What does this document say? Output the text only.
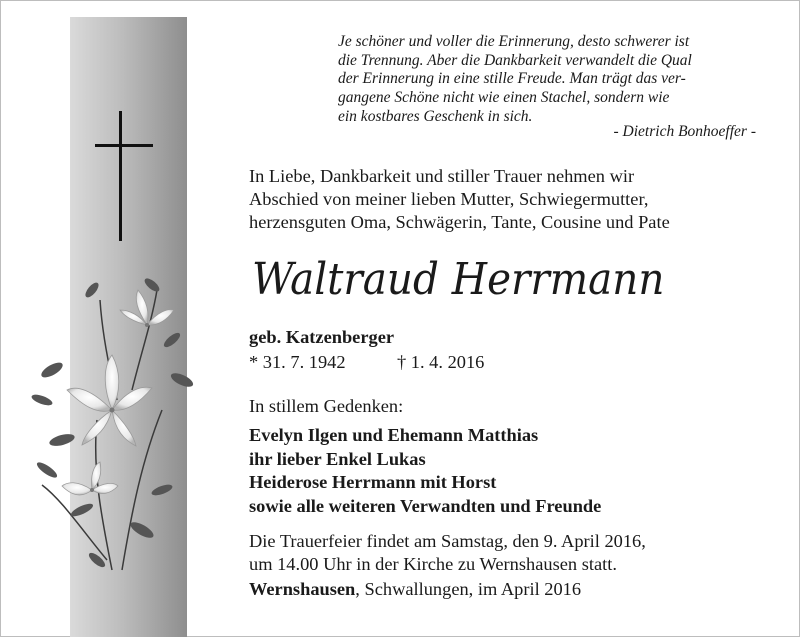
Je schöner und voller die Erinnerung, desto schwerer ist
die Trennung. Aber die Dankbarkeit verwandelt die Qual
der Erinnerung in eine stille Freude. Man trägt das ver-
gangene Schöne nicht wie einen Stachel, sondern wie
ein kostbares Geschenk in sich.

- Dietrich Bonhoeffer -

In Liebe, Dankbarkeit und stiller Trauer nehmen wir
Abschied von meiner lieben Mutter, Schwiegermutter,
herzensguten Oma, Schwägerin, Tante, Cousine und Pate

Waltraud Herrmann
geb. Katzenberger
* 31. 7. 1942	† 1. 4. 2016
In stillem Gedenken:

Evelyn Ilgen und Ehemann Matthias
ihr lieber Enkel Lukas
Heiderose Herrmann mit Horst
sowie alle weiteren Verwandten und Freunde

Die Trauerfeier findet am Samstag, den 9. April 2016,
um 14.00 Uhr in der Kirche zu Wernshausen statt.

Wernshausen, Schwallungen, im April 2016
